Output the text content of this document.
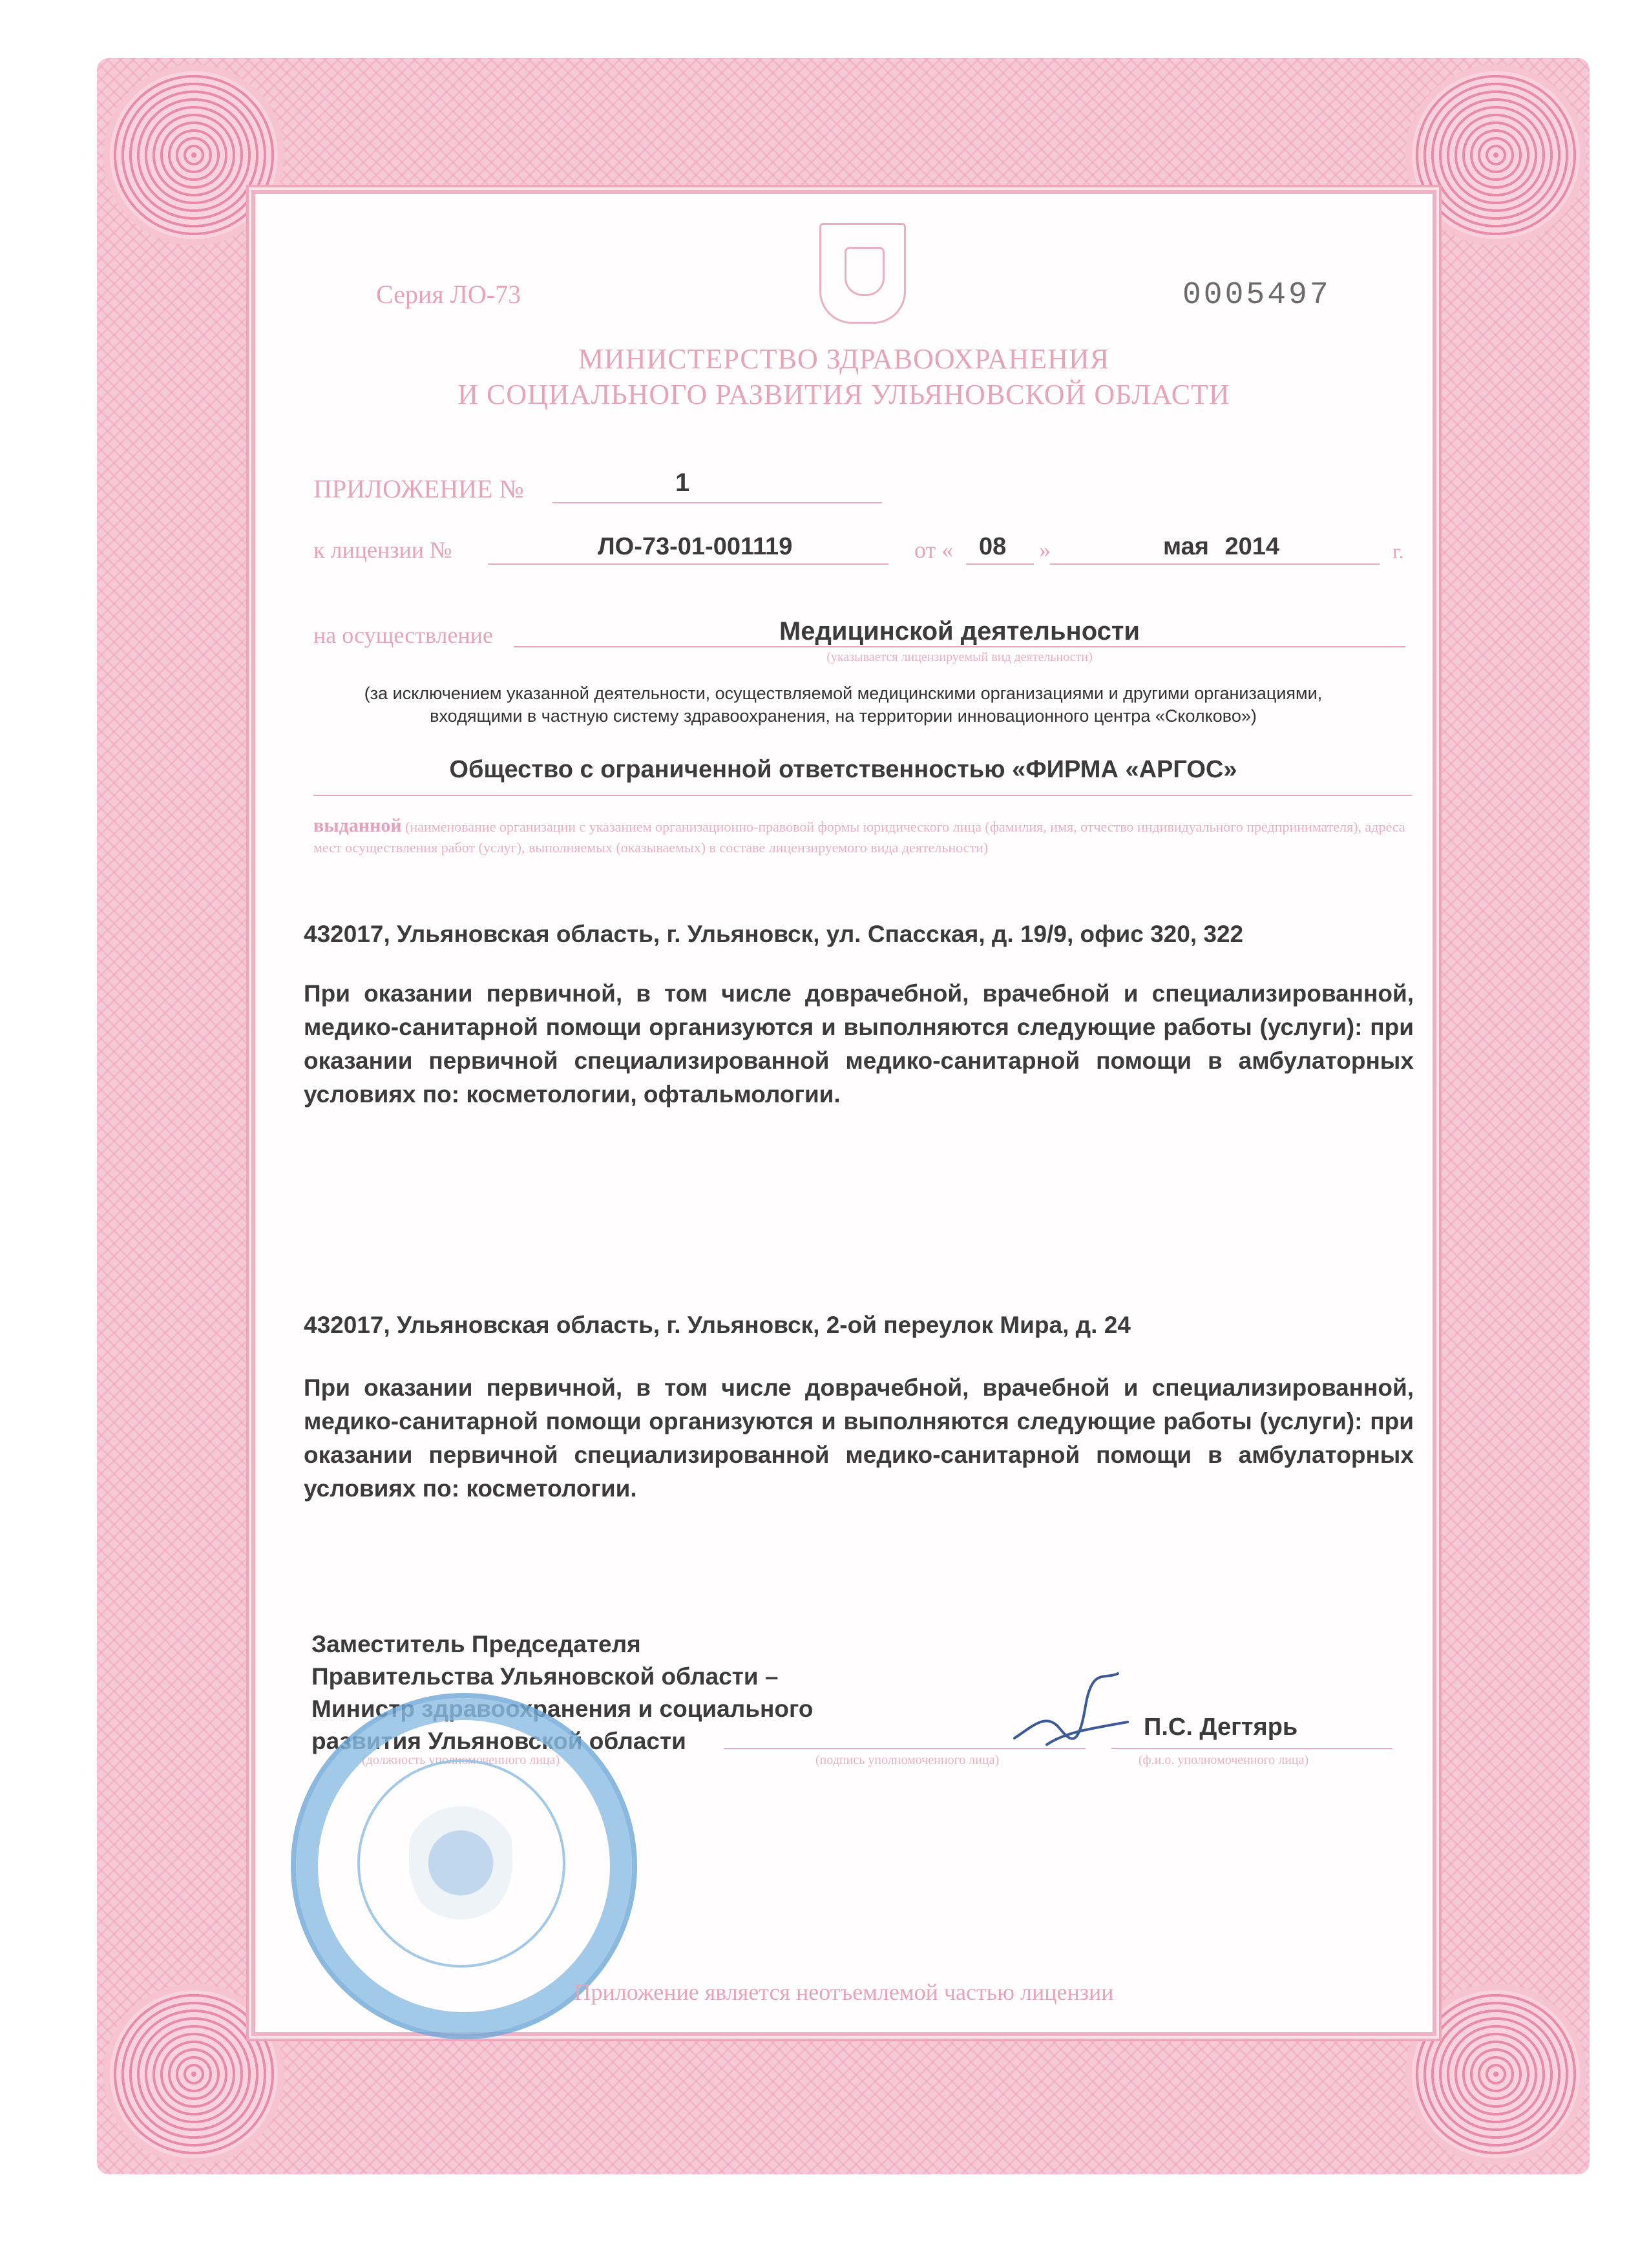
Серия ЛО-73	0005497
МИНИСТЕРСТВО ЗДРАВООХРАНЕНИЯ
И СОЦИАЛЬНОГО РАЗВИТИЯ УЛЬЯНОВСКОЙ ОБЛАСТИ
ПРИЛОЖЕНИЕ №	1
к лицензии №	ЛО-73-01-001119	от « 08 »	мая 2014	г.
на осуществление	Медицинской деятельности
(указывается лицензируемый вид деятельности)
(за исключением указанной деятельности, осуществляемой медицинскими организациями и другими организациями,
входящими в частную систему здравоохранения, на территории инновационного центра «Сколково»)
Общество с ограниченной ответственностью «ФИРМА «АРГОС»
выданной (наименование организации с указанием организационно-правовой формы юридического лица (фамилия, имя, отчество индивидуального предпринимателя), адреса мест осуществления работ (услуг), выполняемых (оказываемых) в составе лицензируемого вида деятельности)
432017, Ульяновская область, г. Ульяновск, ул. Спасская, д. 19/9, офис 320, 322
При оказании первичной, в том числе доврачебной, врачебной и специализированной, медико-санитарной помощи организуются и выполняются следующие работы (услуги): при оказании первичной специализированной медико-санитарной помощи в амбулаторных условиях по: косметологии, офтальмологии.
432017, Ульяновская область, г. Ульяновск, 2-ой переулок Мира, д. 24
При оказании первичной, в том числе доврачебной, врачебной и специализированной, медико-санитарной помощи организуются и выполняются следующие работы (услуги): при оказании первичной специализированной медико-санитарной помощи в амбулаторных условиях по: косметологии.
Заместитель Председателя
Правительства Ульяновской области –
Министр здравоохранения и социального
развития Ульяновской области
П.С. Дегтярь
(должность уполномоченного лица)	(подпись уполномоченного лица)	(ф.и.о. уполномоченного лица)
Приложение является неотъемлемой частью лицензии
